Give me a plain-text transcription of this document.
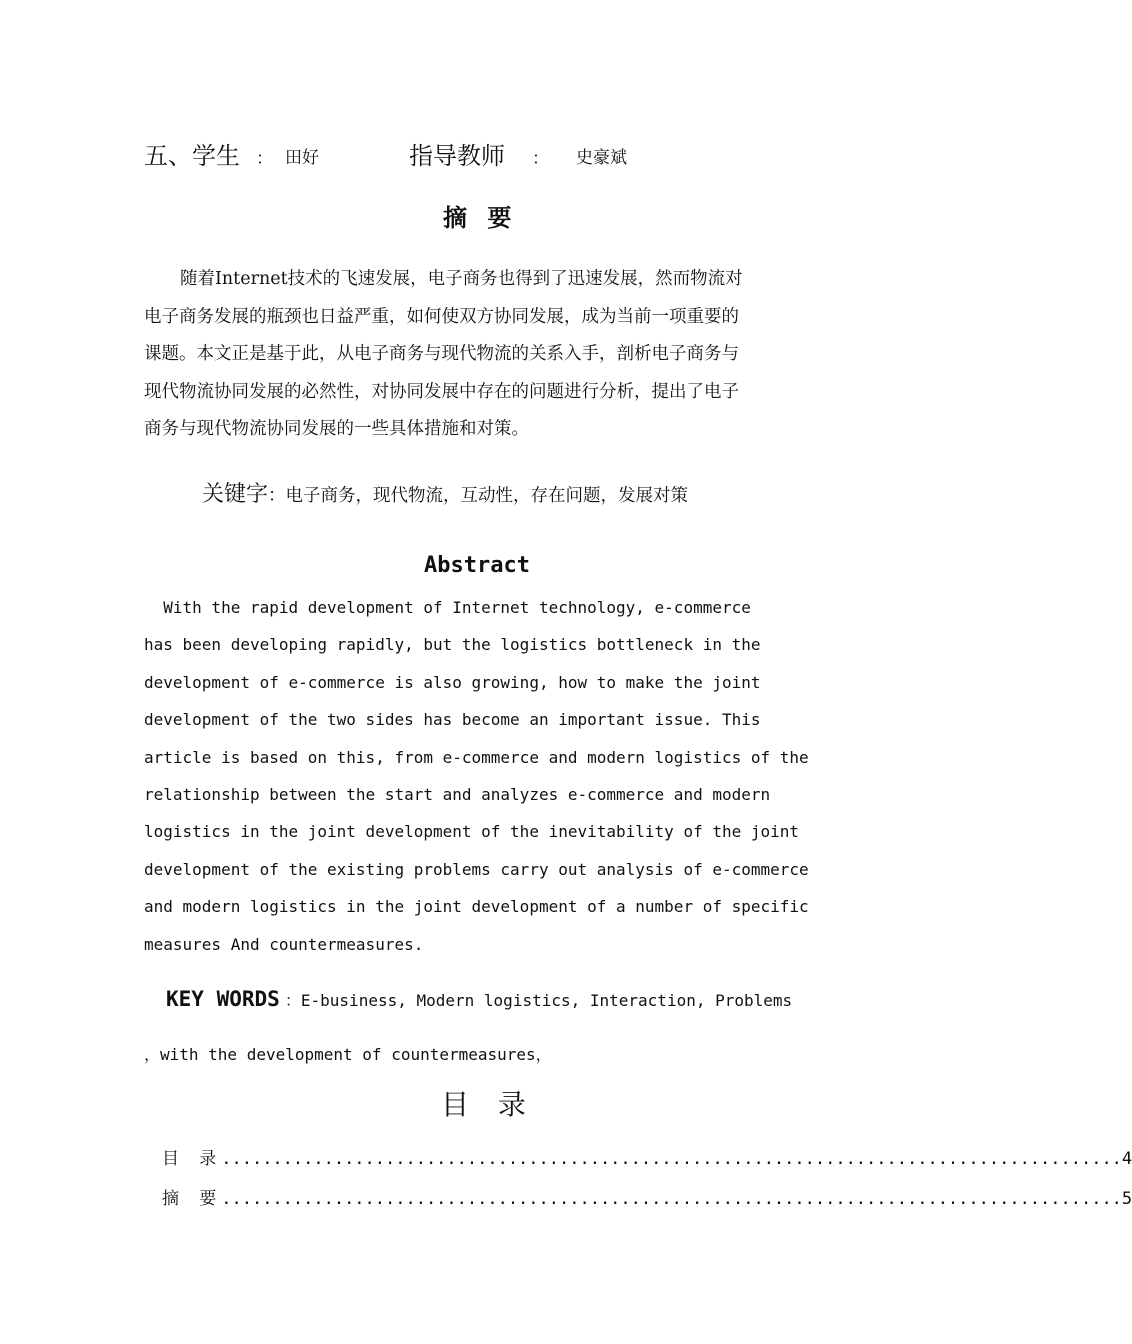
五、学生 ： 田好	指导教师 ： 史豪斌
摘 要
随着Internet技术的飞速发展，电子商务也得到了迅速发展，然而物流对
电子商务发展的瓶颈也日益严重，如何使双方协同发展，成为当前一项重要的
课题。本文正是基于此，从电子商务与现代物流的关系入手，剖析电子商务与
现代物流协同发展的必然性，对协同发展中存在的问题进行分析，提出了电子
商务与现代物流协同发展的一些具体措施和对策。
关键字：电子商务，现代物流，互动性，存在问题，发展对策
Abstract
With the rapid development of Internet technology, e-commerce
has been developing rapidly, but the logistics bottleneck in the
development of e-commerce is also growing, how to make the joint
development of the two sides has become an important issue. This
article is based on this, from e-commerce and modern logistics of the
relationship between the start and analyzes e-commerce and modern
logistics in the joint development of the inevitability of the joint
development of the existing problems carry out analysis of e-commerce
and modern logistics in the joint development of a number of specific
measures And countermeasures.
KEY WORDS ：E-business, Modern logistics, Interaction, Problems
，with the development of countermeasures，
目 录
目 录 ........................................................................................ 4
摘 要 ........................................................................................ 5
